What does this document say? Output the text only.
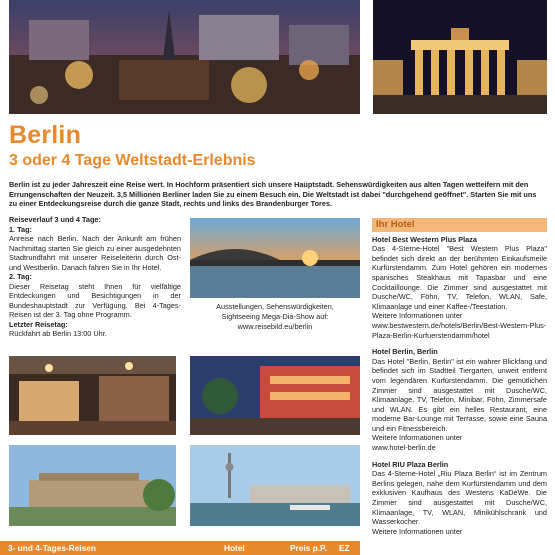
Berlin
3 oder 4 Tage Weltstadt-Erlebnis
Berlin ist zu jeder Jahreszeit eine Reise wert. In Hochform präsentiert sich unsere Hauptstadt. Sehenswürdigkeiten aus alten Tagen wetteifern mit den Errungenschaften der Neuzeit. 3,5 Millionen Berliner laden Sie zu einem Besuch ein. Die Weltstadt ist dabei "durchgehend geöffnet". Starten Sie mit uns zu einer Entdeckungsreise durch die ganze Stadt, rechts und links des Brandenburger Tores.
Reiseverlauf 3 und 4 Tage:
1. Tag:
Anreise nach Berlin. Nach der Ankunft am frühen Nachmittag starten Sie gleich zu einer ausgedehnten Stadtrundfahrt mit unserer Reiseleiterin durch Ost- und Westberlin. Danach fahren Sie in Ihr Hotel.
2. Tag:
Dieser Reisetag steht Ihnen für vielfältige Entdeckungen und Besichtigungen in der Bundeshauptstadt zur Verfügung. Bei 4-Tages-Reisen ist der 3. Tag ohne Programm.
Letzter Reisetag:
Rückfahrt ab Berlin 13:00 Uhr.
Ausstellungen, Sehenswürdigkeiten,
Sightseeing Mega-Dia-Show auf:
www.reisebild.eu/berlin
Ihr Hotel
Hotel Best Western Plus Plaza
Das 4-Sterne-Hotel "Best Western Plus Plaza" befindet sich direkt an der berühmten Einkaufsmeile Kurfürstendamm. Zum Hotel gehören ein modernes spanisches Steakhaus mit Tapasbar und eine Cocktaillounge. Die Zimmer sind ausgestattet mit Dusche/WC, Föhn, TV, Telefon, WLAN, Safe, Klimaanlage und einer Kaffee-/Teestation.
Weitere Informationen unter
www.bestwestern.de/hotels/Berlin/Best-Western-Plus-Plaza-Berlin-Kurfuerstendamm/hotel
Hotel Berlin, Berlin
Das Hotel "Berlin, Berlin" ist ein wahrer Blickfang und befindet sich im Stadtteil Tiergarten, unweit entfernt vom legendären Kurfürstendamm. Die gemütlichen Zimmer sind ausgestattet mit Dusche/WC, Klimaanlage, TV, Telefon, Minibar, Föhn, Zimmersafe und WLAN. Es gibt ein helles Restaurant, eine moderne Bar-Lounge mit Terrasse, sowie eine Sauna und ein Fitnessbereich.
Weitere Informationen unter
www.hotel-berlin.de
Hotel RIU Plaza Berlin
Das 4-Sterne-Hotel „Riu Plaza Berlin“ ist im Zentrum Berlins gelegen, nahe dem Kurfürstendamm und dem exklusiven Kaufhaus des Westens KaDeWe. Die Zimmer sind ausgestattet mit Dusche/WC, Klimaanlage, TV, WLAN, Minikühlschrank und Wasserkocher.
Weitere Informationen unter
3- und 4-Tages-Reisen	Hotel	Preis p.P. EZ
